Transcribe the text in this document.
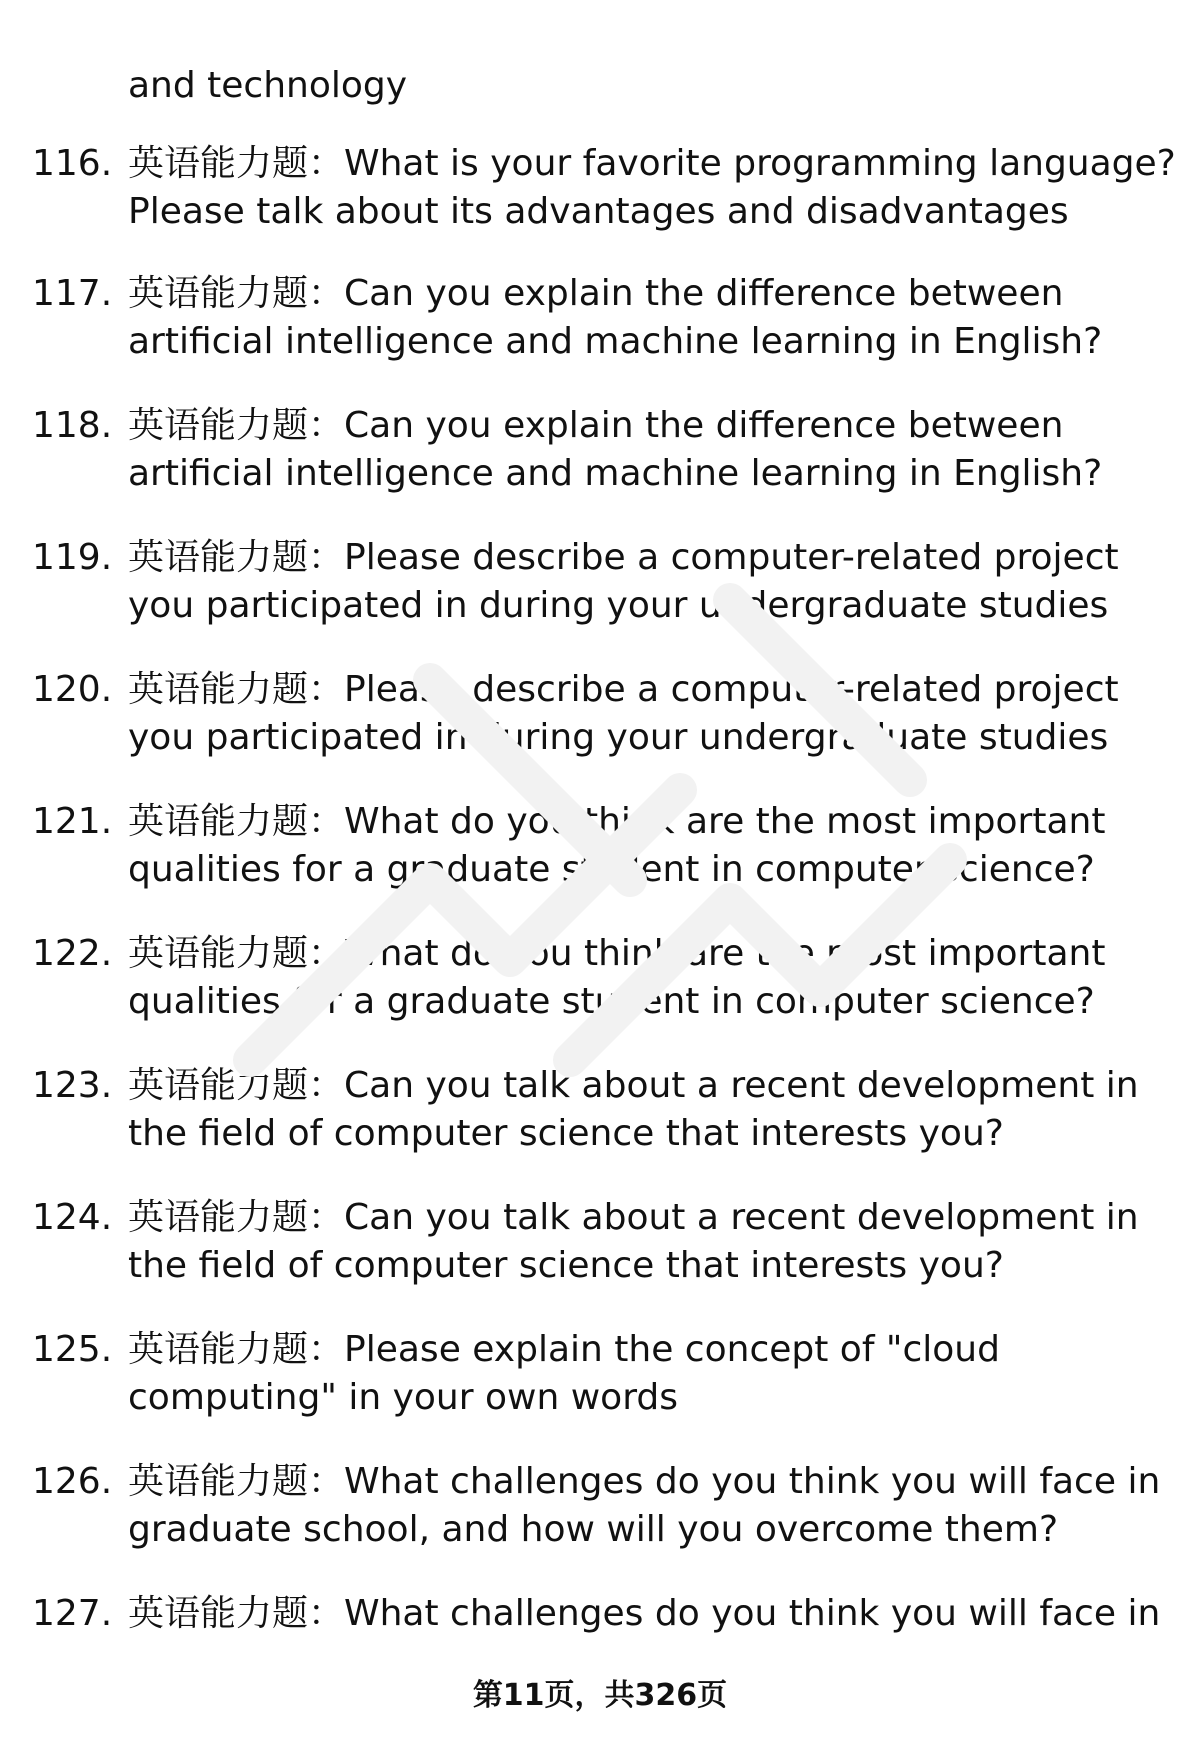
and technology
116. 英语能力题：What is your favorite programming language?
Please talk about its advantages and disadvantages
117. 英语能力题：Can you explain the difference between
artificial intelligence and machine learning in English?
118. 英语能力题：Can you explain the difference between
artificial intelligence and machine learning in English?
119. 英语能力题：Please describe a computer-related project
you participated in during your undergraduate studies
120. 英语能力题：Please describe a computer-related project
you participated in during your undergraduate studies
121. 英语能力题：What do you think are the most important
qualities for a graduate student in computer science?
122. 英语能力题：What do you think are the most important
qualities for a graduate student in computer science?
123. 英语能力题：Can you talk about a recent development in
the field of computer science that interests you?
124. 英语能力题：Can you talk about a recent development in
the field of computer science that interests you?
125. 英语能力题：Please explain the concept of "cloud
computing" in your own words
126. 英语能力题：What challenges do you think you will face in
graduate school, and how will you overcome them?
127. 英语能力题：What challenges do you think you will face in
第11页，共326页
